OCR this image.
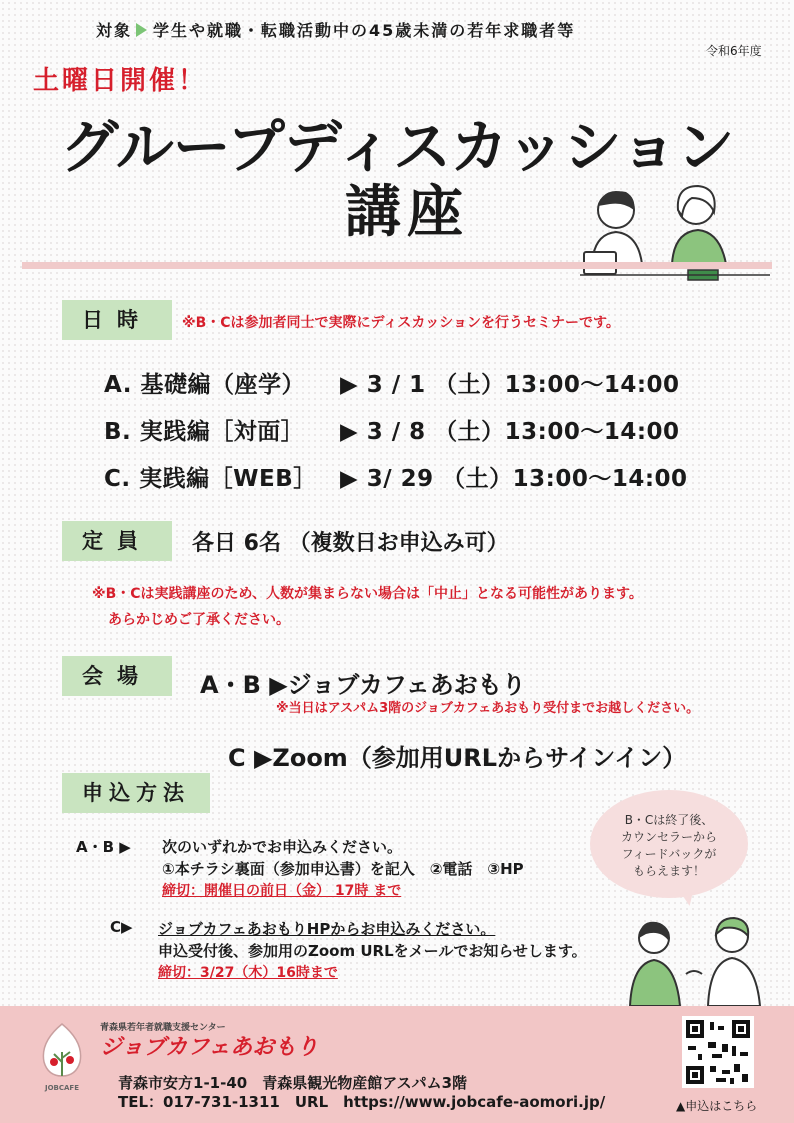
対象 学生や就職・転職活動中の45歳未満の若年求職者等
令和6年度
土曜日開催！
グループディスカッション
講座
日時	※B・Cは参加者同士で実際にディスカッションを行うセミナーです。
A. 基礎編（座学） ▶ 3 / 1 （土）13:00〜14:00
B. 実践編［対面］ ▶ 3 / 8 （土）13:00〜14:00
C. 実践編［WEB］ ▶ 3/ 29 （土）13:00〜14:00
定員	各日 6名 （複数日お申込み可）
※B・Cは実践講座のため、人数が集まらない場合は「中止」となる可能性があります。
あらかじめご了承ください。
会場	A・B ▶ジョブカフェあおもり
※当日はアスパム3階のジョブカフェあおもり受付までお越しください。
C ▶Zoom（参加用URLからサインイン）
申込方法
A・B ▶ 次のいずれかでお申込みください。
①本チラシ裏面（参加申込書）を記入　②電話　③HP
締切：開催日の前日（金） 17時 まで
C▶ ジョブカフェあおもりHPからお申込みください。
申込受付後、参加用のZoom URLをメールでお知らせします。
締切：3/27（木）16時まで
B・Cは終了後、
カウンセラーから
フィードバックが
もらえます！
JOBCAFE
青森県若年者就職支援センター
ジョブカフェあおもり
青森市安方1-1-40　青森県観光物産館アスパム3階
TEL：017-731-1311　URL　https://www.jobcafe-aomori.jp/	▲申込はこちら
